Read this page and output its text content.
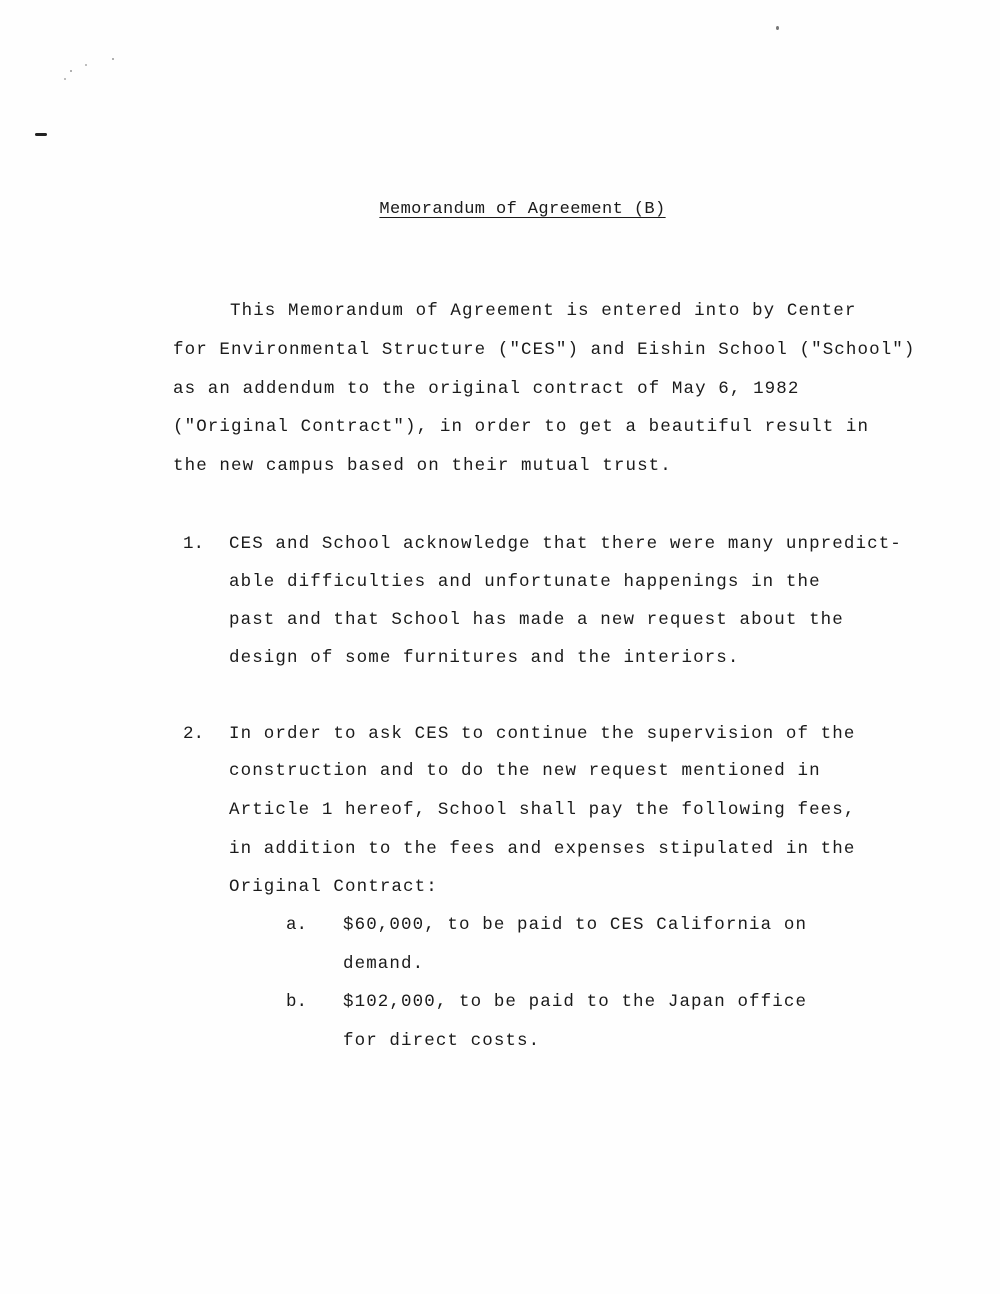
Memorandum of Agreement (B)
This Memorandum of Agreement is entered into by Center
for Environmental Structure ("CES") and Eishin School ("School")
as an addendum to the original contract of May 6, 1982
("Original Contract"), in order to get a beautiful result in
the new campus based on their mutual trust.
1. CES and School acknowledge that there were many unpredict-
able difficulties and unfortunate happenings in the
past and that School has made a new request about the
design of some furnitures and the interiors.
2. In order to ask CES to continue the supervision of the
construction and to do the new request mentioned in
Article 1 hereof, School shall pay the following fees,
in addition to the fees and expenses stipulated in the
Original Contract:
a. $60,000, to be paid to CES California on
demand.
b. $102,000, to be paid to the Japan office
for direct costs.
